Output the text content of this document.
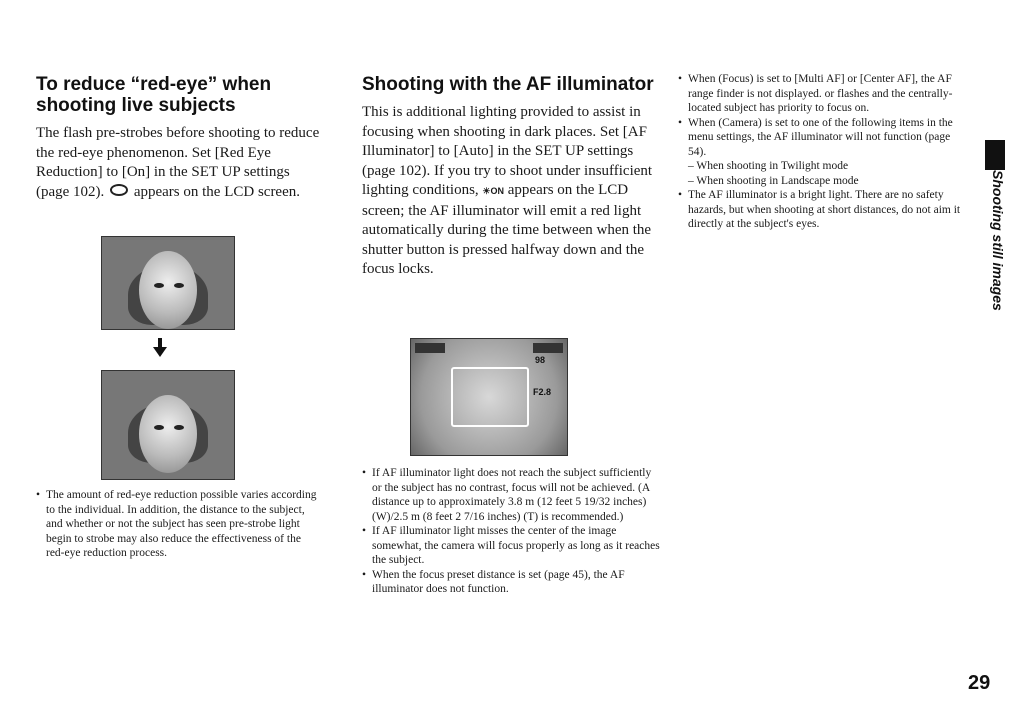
To reduce “red-eye” when shooting live subjects

The flash pre-strobes before shooting to reduce the red-eye phenomenon. Set [Red Eye Reduction] to [On] in the SET UP settings (page 102). appears on the LCD screen.

• The amount of red-eye reduction possible varies according to the individual. In addition, the distance to the subject, and whether or not the subject has seen pre-strobe light begin to strobe may also reduce the effectiveness of the red-eye reduction process.
Shooting with the AF illuminator

This is additional lighting provided to assist in focusing when shooting in dark places. Set [AF Illuminator] to [Auto] in the SET UP settings (page 102). If you try to shoot under insufficient lighting conditions, ☀ON appears on the LCD screen; the AF illuminator will emit a red light automatically during the time between when the shutter button is pressed halfway down and the focus locks.

98
F2.8
• If AF illuminator light does not reach the subject sufficiently or the subject has no contrast, focus will not be achieved. (A distance up to approximately 3.8 m (12 feet 5 19/32 inches) (W)/2.5 m (8 feet 2 7/16 inches) (T) is recommended.)
• If AF illuminator light misses the center of the image somewhat, the camera will focus properly as long as it reaches the subject.
• When the focus preset distance is set (page 45), the AF illuminator does not function.
• When (Focus) is set to [Multi AF] or [Center AF], the AF range finder is not displayed. or flashes and the centrally-located subject has priority to focus on.
• When (Camera) is set to one of the following items in the menu settings, the AF illuminator will not function (page 54).
– When shooting in Twilight mode
– When shooting in Landscape mode
• The AF illuminator is a bright light. There are no safety hazards, but when shooting at short distances, do not aim it directly at the subject's eyes.	Shooting still images
29
